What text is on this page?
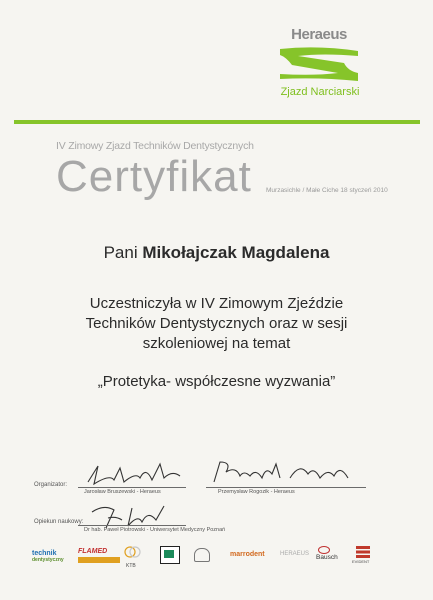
Heraeus
Zjazd Narciarski
IV Zimowy Zjazd Techników Dentystycznych
Certyfikat Murzasichle / Małe Ciche 18 styczeń 2010
Pani Mikołajczak Magdalena
Uczestniczyła w IV Zimowym Zjeździe
Techników Dentystycznych oraz w sesji
szkoleniowej na temat
„Protetyka- współczesne wyzwania”
Organizator:
Jarosław Bruszewski - Heraeus	Przemysław Rogozik - Heraeus
Opiekun naukowy:
Dr hab. Paweł Piotrowski - Uniwersytet Medyczny Poznań
technik
dentystyczny
FLAMED
KTB
marrodent	HERAEUS Bausch
EVIDENT
